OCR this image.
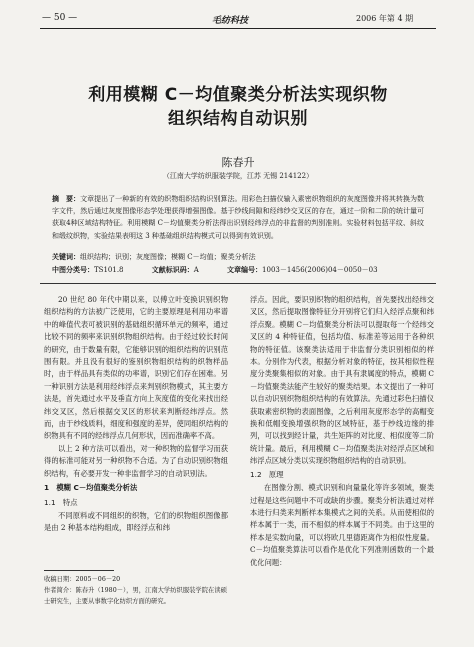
— 50 —	毛纺科技	2006 年第 4 期
利用模糊 C－均值聚类分析法实现织物
组织结构自动识别
陈春升
（江南大学纺织服装学院，江苏 无锡 214122）
摘　要：文章提出了一种新的有效的织物组织结构识别算法。用彩色扫描仪输入素密织物组织的灰度图像并将其转换为数字文件，然后通过灰度图像形态学处理获得增强图像。基于纱线间隙和经纬纱交叉区的存在，通过一阶和二阶的统计量可获取4种区域结构特征。利用模糊 C－均值聚类分析法得出识别经纬浮点的非监督的判别准则。实验材料包括平纹、斜纹和缎纹织物，实验结果表明这 3 种基础组织结构模式可以得到有效识别。
关键词：组织结构；识别；灰度图像；模糊 C－均值；聚类分析法
中图分类号：TS101.8	文献标识码：A	文章编号：1003－1456(2006)04－0050－03

20 世纪 80 年代中期以来，以傅立叶变换识别织物组织结构的方法被广泛使用，它的主要原理是利用功率谱中的峰值代表可被识别的基础组织循环单元的频率，通过比较不同的频率来识别织物组织结构。由于经过较长时间的研究，由于数量有限，它能够识别的组织结构的识别范围有限。并且没有很好的鉴别织物组织结构的织物样品时，由于样品具有类似的功率谱，识别它们存在困难。另一种识别方法是利用经纬浮点来判别织物模式，其主要方法是，首先通过水平及垂直方向上灰度值的变化来找出经纬交叉区，然后根据交叉区的形状来判断经纬浮点。然而，由于纱线质料，细度和强度的差异，使同组织结构的织物具有不同的经纬浮点几何形状，因而准确率不高。

以上 2 种方法可以看出，对一种织物的监督学习而获得的标准可能对另一种织物不合适。为了自动识别织物组织结构，有必要开发一种非监督学习的自动识别法。

1　模糊 C－均值聚类分析法

1.1　特点

不同原料或不同组织的织物，它们的织物组织图像都是由 2 种基本结构组成，即经浮点和纬

浮点。因此，要识别织物的组织结构，首先要找出经纬交叉区，然后提取图像特征分开别将它们归入经浮点聚和纬浮点聚。模糊 C－均值聚类分析法可以提取每一个经纬交叉区的 4 种特征值，包括均值、标准差等运用于各种织物的特征值。该聚类法适用于非监督分类识别相似的样本。分别作为代表，根据分析对象的特征，按其相似性程度分类聚集相似的对象。由于具有隶属度的特点，模糊 C－均值聚类法能产生较好的聚类结果。本文提出了一种可以自动识别织物组织结构的有效算法。先通过彩色扫描仪获取素密织物的表面图像，之后利用灰度形态学的高帽变换和低帽变换增强织物的区域特征，基于纱线边缘的排列，可以找到经计量，共生矩阵的对比度、相似度等二阶统计量。最后，利用模糊 C－均值聚类法对经浮点区域和纬浮点区域分类以实现织物组织结构的自动识别。

1.2　原理

在图像分割、模式识别和向量量化等许多领域，聚类过程是这些问题中不可或缺的步骤。聚类分析法通过对样本进行归类来判断样本集模式之间的关系。从而使相似的样本属于一类，而不相似的样本属于不同类。由于这里的样本是实数向量，可以将欧几里德距离作为相似性度量。C－均值聚类算法可以看作是优化下列准则函数的一个最优化问题：

收稿日期：2005－06－20

作者简介：陈春升（1980－），男，江南大学纺织服装学院在读硕士研究生，主要从事数字化纺织方面的研究。
